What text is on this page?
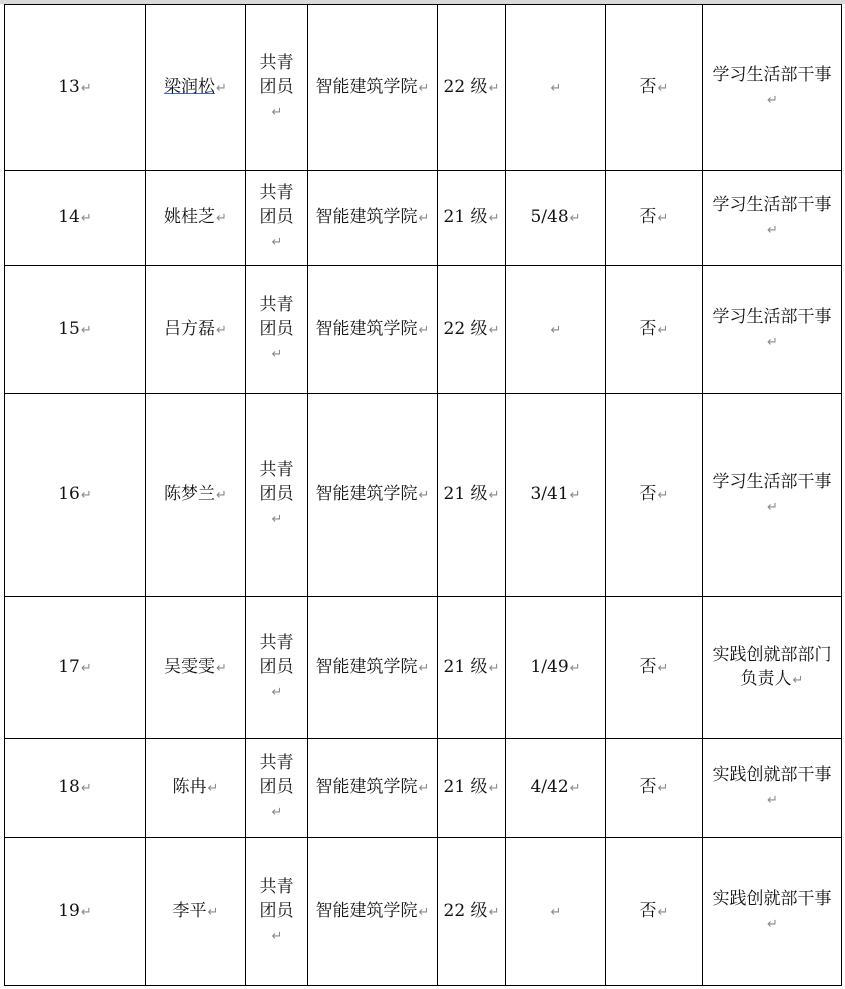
13↵	梁润松↵	共青团员↵	智能建筑学院↵	22 级↵	↵	否↵	学习生活部干事↵
14↵	姚桂芝↵	共青团员↵	智能建筑学院↵	21 级↵	5/48↵	否↵	学习生活部干事↵
15↵	吕方磊↵	共青团员↵	智能建筑学院↵	22 级↵	↵	否↵	学习生活部干事↵
16↵	陈梦兰↵	共青团员↵	智能建筑学院↵	21 级↵	3/41↵	否↵	学习生活部干事↵
17↵	吴雯雯↵	共青团员↵	智能建筑学院↵	21 级↵	1/49↵	否↵	实践创就部部门负责人↵
18↵	陈冉↵	共青团员↵	智能建筑学院↵	21 级↵	4/42↵	否↵	实践创就部干事↵
19↵	李平↵	共青团员↵	智能建筑学院↵	22 级↵	↵	否↵	实践创就部干事↵
